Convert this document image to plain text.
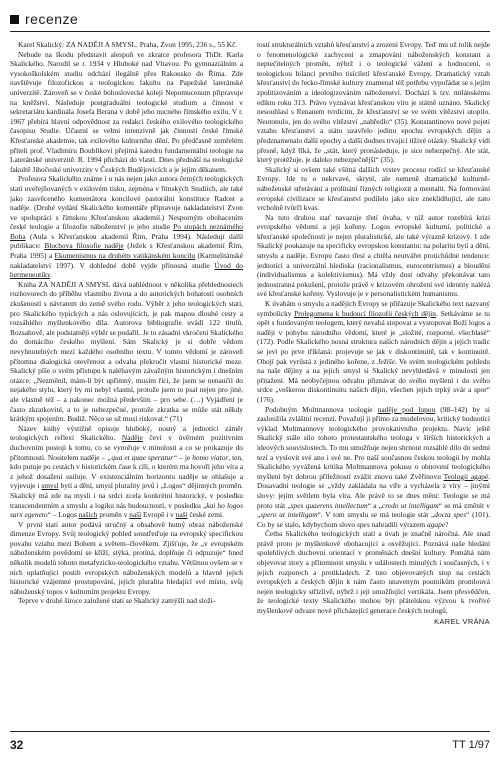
recenze

Karel Skalický: ZA NADĚJI A SMYSL. Praha, Zvon 1995, 236 s., 55 Kč.

Nebude na škodu představit alespoň ve zkratce profesora ThDr. Karla Skalického. Narodil se r. 1934 v Hluboké nad Vltavou. Po gymnaziálním a vysokoškolském studiu odchází ilegálně přes Rakousko do Říma. Zde navštěvuje filozofickou a teologickou fakultu na Papežské lateránské univerzitě. Zároveň se v české bohoslovecké koleji Nepomucenum připravuje na kněžství. Následuje postgraduální teologické studium a činnost v sekretariátu kardinála Josefa Berana v době jeho nucného římského exilu. V r. 1967 přebírá hlavní odpovědnost za redakci českého exilového teologického časopisu Studie. Účastní se velmi intenzivně jak činnosti české římské Křesťanské akademie, tak exilového kulturního dění. Po předčasně zemřelém příteli prof. Vladimíru Boublíkovi přejímá katedru fundamentální teologie na Lateránské univerzitě. R. 1994 přichází do vlasti. Dnes přednáší na teologické fakultě Jihočeské univerzity v Českých Budějovicích a je jejím děkanem.

Profesora Skalického známe i u nás nejen jako autora četných teologických statí uveřejňovaných v exilovém tisku, zejména v římských Studiích, ale také jako zasvěceného komentátora koncilové pastorální konstituce Radost a naděje. (Druhé vydání Skalického komentáře připravuje nakladatelství Zvon ve spolupráci s římskou Křesťanskou akademií.) Nesporným obohacením české teologie a filozofie náboženství je jeho studie Po stopách neznámého Boha (Aula s Křesťanskou akademií Řím, Praha 1994). Následují další publikace: Blochova filosofie naděje (Ježek s Křesťanskou akademií Řím, Praha 1995) a Ekumenismus na druhém vatikánském koncilu (Karmelitánské nakladatelství 1997). V dohledné době vyjde přínosná studie Úvod do hermeneutiky.

Kniha ZA NADĚJI A SMYSL dává nahlédnout v několika přehlednostech rozhovorech do příběhu vlastního života a do autorických bohatosti osobních zkušeností s návratem do země svého rodu. Výběr z jeho teologických statí, pro Skalického typických a nás oslovujících, je pak mapou dlouhé cesty a rozsáhlého myšlenkového díla. Autorova bibliografie uvádí 122 titulů. Rozsahově, ale podstatněji výběr se podařil. Je to zásadní vkročení Skalického do domácího českého myšlení. Sám Skalický je si dobře vědom nevyhnutelných mezí každého osobního textu. V tomto vědomí je zároveň přítomna dialogická otevřenost a odvaha překročit vlastní historické meze. Skalický píše o svém přístupu k naléhavým závažným historickým i dnešním otázce: „Nezměnil, mám-li být upřímný, musím říci, že jsem se nenaučil do nejakého stylu, který by mi nebyl vlastní, protože jsem to psal nejen pro jiné, ale vlastně též – a nakonec možná především – pro sebe. (…) Vyjádření je často zkratkovité, a to je nebezpečné, protože zkratka se může stát někdy krátkým spojením. Budiž. Něco se už musí riskovat.“ (71)

Název knihy výstižně opisuje hluboký, nosný a jednotící záměr teologických reflexí Skalického. Naděje čeví v úvěrném pozitivním duchovním postoji k tomu, co se vynořuje v minulosti a co se prokazuje do přítomnosti. Nositelem naděje – „qua et quae speratur“ – je homo viator, ten, kdo putuje po cestách v historickém čase k cíli, o kterém ma hovoří jeho víra a z jehož dosažení usiluje. V existenciálním horizontu naděje se ohlašuje a vyjevuje i smysl bytí a dění, smysl plurality jevů i „Logos“ dějinných proměn. Skalický má zde na mysli i na srdci zcela konkrétní historický, v posledku transcendentním a smyslu a logiku nás budoucnosti, v posledku „kai ho logos sarx egeneto“ – Logos našich proměn v naší Evropě i v naší české zemi.

V první stati autor podává stručný a obsahově hutný obraz náboženské dimenze Evropy. Svůj teologický pohled soustřeďuje na evropský specifickou povahu vztahu mezi Bohem a světem–člověkem. Zjišťuje, že „v evropském náboženském povědomí se kříží, stýká, protíná, doplňuje či odpuzuje“ hned několik modelů tohoto metafyzicko-teologického vztahu. Většinou ovšem se v nich uplatňující postih evropských náboženských modelů a hlavně jejich historické vzájemné prostupování, jejich pluralita hledající své místo, svůj náboženský topos v kulturním projektu Evropy.

Teprve v druhé šíroce založené stati se Skalický zamýšlí nad složi-

tostí strukturálních vztahů křesťanství a zrození Evropy. Teď mu už tolik nejde o fenomenologické zachycení a zmapování náboženských konstant a neptečitelných proměn, nýbrž i o teologické vážení a hodnocení, o teologickou bilanci prvního tisíciletí křesťanské Evropy. Dramatický vztah křesťanství do řecko-římské kultury znamenal též potřebu vypořádat se s jejím zpolitizováním a ideologizováním náboženství. Dochází k tzv. milánskému ediktu roku 313. Právo vyznávat křesťanskou víru je státně uznáno. Skalický nesouhlasí s Renanem tvrdícím, že křesťanství se ve svém vítězství utopilo. Neutonulo, jen do svého vítězství „nabředlo“ (35). Konstantinovo nové pojetí vztahu křesťanství a státu uzavřelo jedinu epochu evropských dějin a předznamenalo další epochy a další dodnes trvající tíživé otázky. Skalický vidí přesně, když říká, že „stát, který pronásleduje, je sice nebezpečný. Ale stát, který protěžuje, je daleko nebezpečnější“ (35).

Skalický si ovšem také všímá dalších vrstev procesu rodící se křesťanské Evropy. Jde tu o nekrvavé, skryté, ale nemeně dramatické kulturně-náboženské střetávání a prolínání řízných religiozit a mentalit. Na formování evropské civilizace se křesťanství podílelo jako síce zneklidňující, ale zato vrcholně tvůrčí kvas.

Na tuto druhou stať navazuje třetí úvaha, v níž autor rozebírá krizi evropského vědomí a její kořeny. Logos evropské kulturní, politické a křesťanské společnosti je nejen pluralistické, ale také výrazně krizový. I zde Skalický poukazuje na specificky evropskou konstantu: na polaritu bytí a dění, smyslu a naděje. Evropu často třesí a chtěla neutvářet protichůdné tendence: jednotící a univerzální hlediska (racionalismus, eurocentrismus) a bloudění (individualismus a kolektivismus). Má vždy dost odvahy překonávat tato jednostranná pokušení, protože právě v krizovém ohrožení své identity nalézá své křesťanské kořeny. Vyslovuje je v personalistickém humanismu.

K úvahám o smyslu a nadějích Evropy se přiřazuje Skalického text nazvaný symbolicky Prolegomena k budoucí filozofii českých dějin. Setkáváme se tu opět s fundovaným teologem, který nevahá stopovat a vystopovat Boží logos a naději v pohybu národního vědomí, které je „složité, rozporné, všechlasé“ (172). Podle Skalického nosná struktura našich národních dějin a jejich tradic se jeví po prve tříklaná: projevuje se jak v diskontinuitě, tak v kontinuitě. Obojí pak vyrůstá z jediného kořene, z Ježíše. Ve svém teologickém pohledu na naše dějiny a na jejich smysl si Skalický nevyhledává v minulosti jen přitažení. Má neobyčejnou odvahu přiznávat do svého myšlení i do svého srdce „veškerou diskontinuitu našich dějin, všechen jejich trpký svár a spor“ (176).

Podobným Moltmannova teologie naděje pod lupou (98–142) by si zasloužila zvláštní recenzi. Považují ji přímo za modelovou, kritický hodnotící výklad Moltmannovy teologického provokativního projektu. Navíc ještě Skalický stále silo tohoto protestantského teologa v širších historických a ideových souvislostech. To mu umožňuje nejen shrnout rozsáhlé dílo do sedmi tezí a vyslovit své ano i své ne. Pro naší současnou českou teologii by mohla Skalického vyvážená kritika Moltmannova pokusu o obnovení teologického myšlení být dobrou příležitostí zvážit znovu také Zvěřinovu Teologii agapé. Dosavadní teologie se „vždy zakládala na víře a vycházela z víry – jinými slovy: jejím světlem byla víra. Ale právě to se dnes mění: Teologie se má proto stát „spes quaerens intellectum“ a „credo ut intelligam“ se má změnit v „spero ut intelligam“. V tom smyslu se má teologie stát „docta spes“ (101). Co by se stalo, kdybychom slovo spes nahradili výrazem agape?

Četba Skalického teologických statí a úvah je značně náročná. Ale snad právě proto je myšlenkově obohacující a osvěžující. Poznává naše hledání spolehlivých duchovní orientací v proměnách dnešní kultury. Pomáhá nám objevovat story a přítomnost smyslu v událostech minulých i současných, i v jejich rozporech a protikladech. Z tuto objevovaných stop na cestách evropských a českých dějin k nám často unavenym poutníkům promlouvá nejen teologicky střízlivě, nýbrž i jeji umožňující vertikála. Jsem přesvědčen, že teologické texty Skalického mohou být přátelskou výzvou k tvořivé myšlenkové odvaze nové přicházející generace českých teologů.

KAREL VRÁNA
32	TT 1/97
